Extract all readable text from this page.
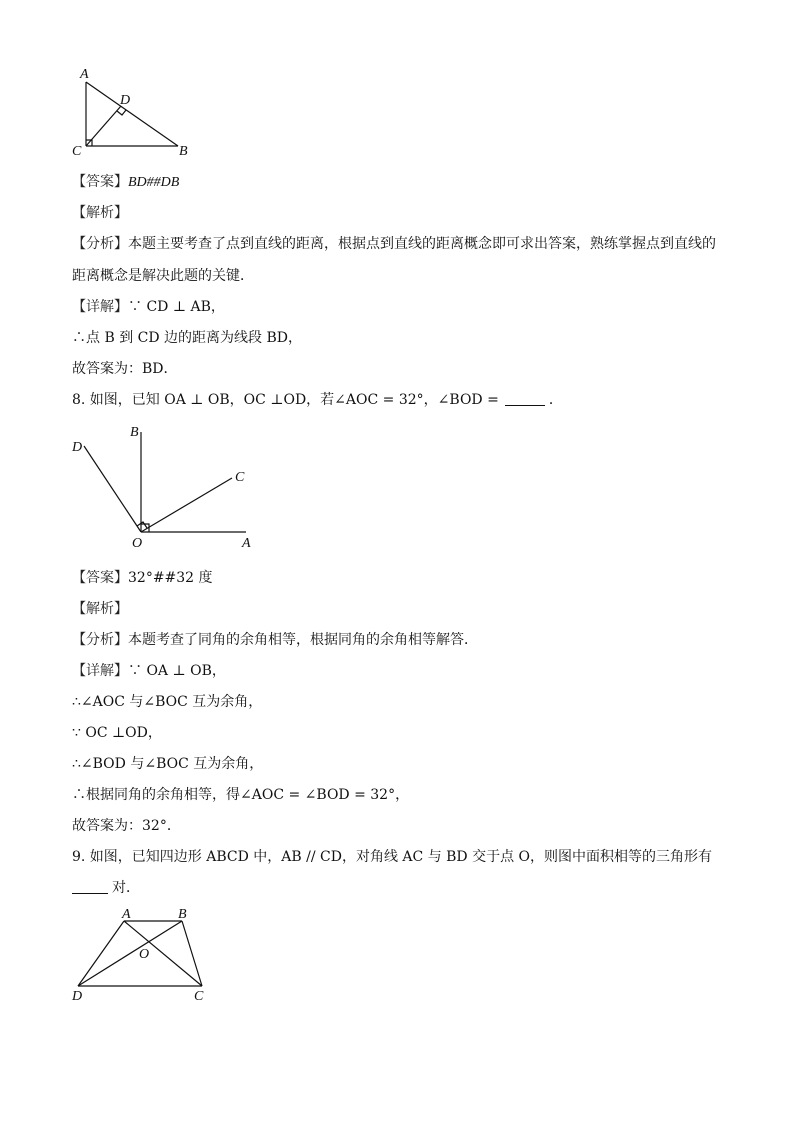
A
D
C	B
【答案】BD##DB
【解析】
【分析】本题主要考查了点到直线的距离，根据点到直线的距离概念即可求出答案，熟练掌握点到直线的
距离概念是解决此题的关键．
【详解】∵ CD ⊥ AB，
∴点 B 到 CD 边的距离为线段 BD，
故答案为：BD．
8. 如图，已知 OA ⊥ OB，OC ⊥OD，若∠AOC = 32°，∠BOD =	．
D
B
C
O	A
【答案】32°##32 度
【解析】
【分析】本题考查了同角的余角相等，根据同角的余角相等解答．
【详解】∵ OA ⊥ OB，
∴∠AOC 与∠BOC 互为余角，
∵ OC ⊥OD，
∴∠BOD 与∠BOC 互为余角，
∴根据同角的余角相等，得∠AOC = ∠BOD = 32°，
故答案为：32°．
9. 如图，已知四边形 ABCD 中，AB // CD，对角线 AC 与 BD 交于点 O，则图中面积相等的三角形有
对．
A	B
O
D	C
